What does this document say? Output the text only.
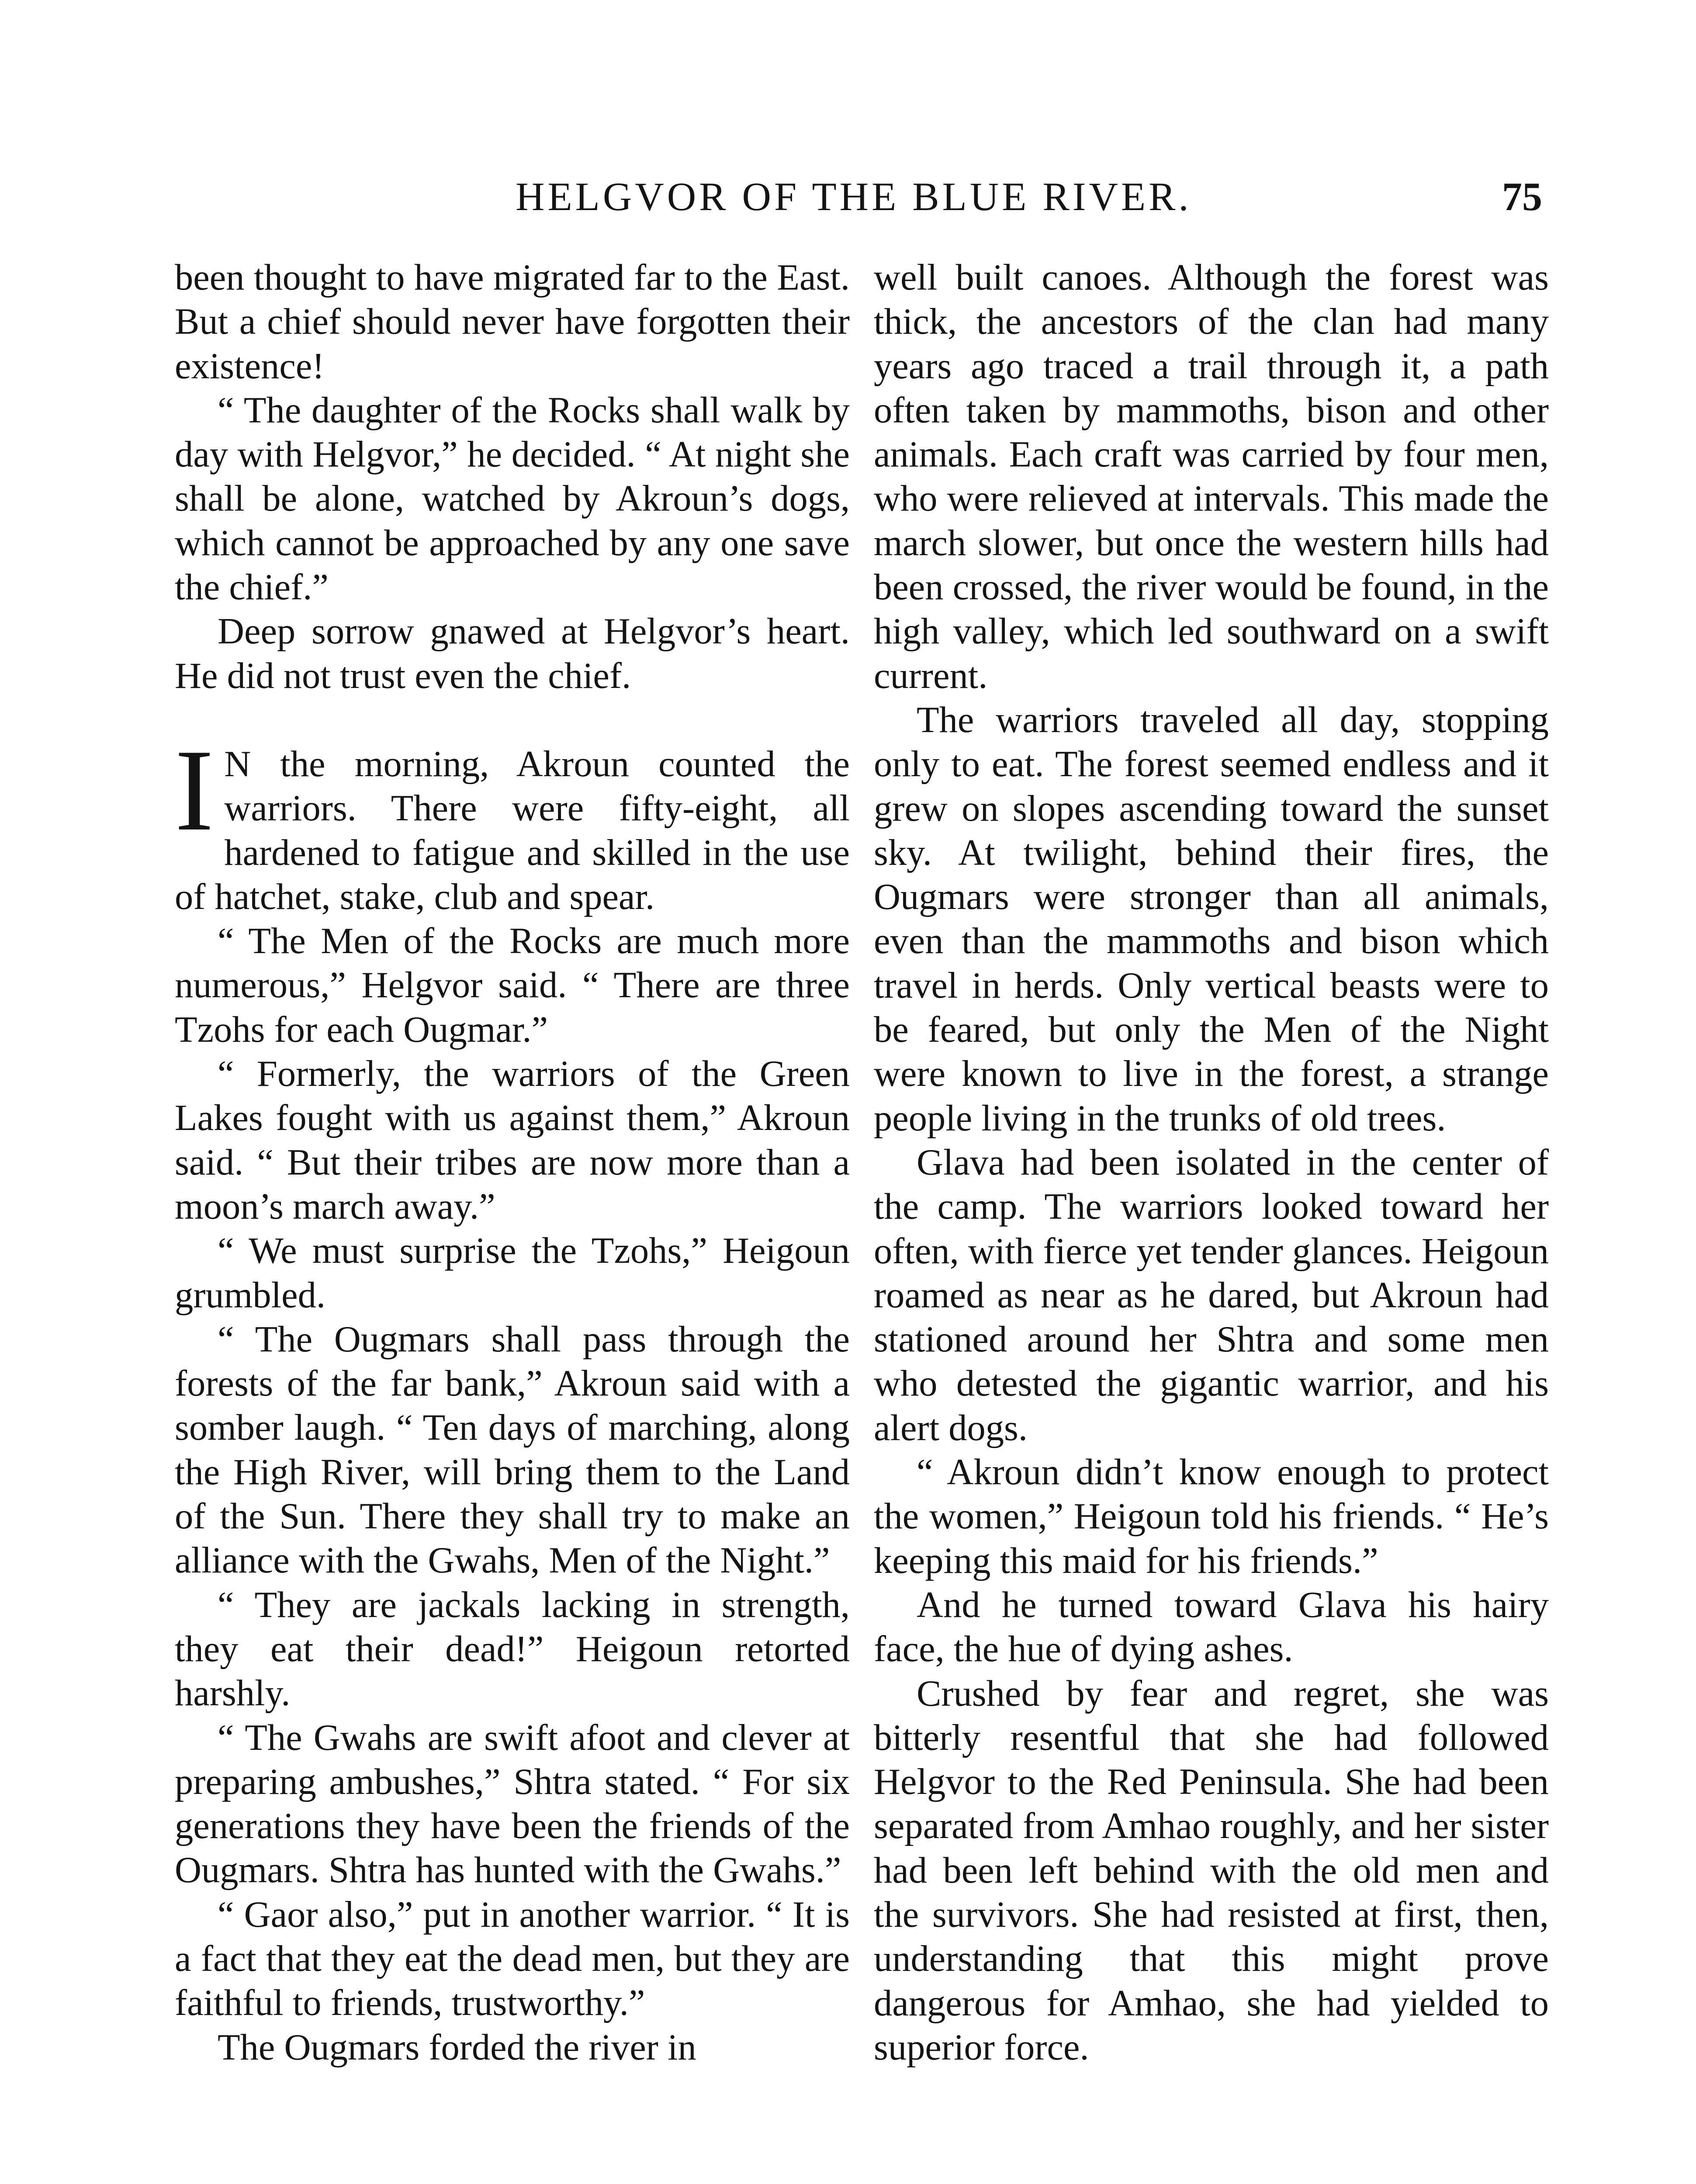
HELGVOR OF THE BLUE RIVER.	75

been thought to have migrated far to the East. But a chief should never have forgotten their existence!

“ The daughter of the Rocks shall walk by day with Helgvor,” he decided. “ At night she shall be alone, watched by Akroun’s dogs, which cannot be approached by any one save the chief.”

Deep sorrow gnawed at Helgvor’s heart. He did not trust even the chief.

I N the morning, Akroun counted the warriors. There were fifty-eight, all hardened to fatigue and skilled in the use of hatchet, stake, club and spear.

“ The Men of the Rocks are much more numerous,” Helgvor said. “ There are three Tzohs for each Ougmar.”

“ Formerly, the warriors of the Green Lakes fought with us against them,” Akroun said. “ But their tribes are now more than a moon’s march away.”

“ We must surprise the Tzohs,” Heigoun grumbled.

“ The Ougmars shall pass through the forests of the far bank,” Akroun said with a somber laugh. “ Ten days of marching, along the High River, will bring them to the Land of the Sun. There they shall try to make an alliance with the Gwahs, Men of the Night.”

“ They are jackals lacking in strength, they eat their dead!” Heigoun retorted harshly.

“ The Gwahs are swift afoot and clever at preparing ambushes,” Shtra stated. “ For six generations they have been the friends of the Ougmars. Shtra has hunted with the Gwahs.”

“ Gaor also,” put in another warrior. “ It is a fact that they eat the dead men, but they are faithful to friends, trustworthy.”

The Ougmars forded the river in

well built canoes. Although the forest was thick, the ancestors of the clan had many years ago traced a trail through it, a path often taken by mammoths, bison and other animals. Each craft was carried by four men, who were relieved at intervals. This made the march slower, but once the western hills had been crossed, the river would be found, in the high valley, which led southward on a swift current.

The warriors traveled all day, stopping only to eat. The forest seemed endless and it grew on slopes ascending toward the sunset sky. At twilight, behind their fires, the Ougmars were stronger than all animals, even than the mammoths and bison which travel in herds. Only vertical beasts were to be feared, but only the Men of the Night were known to live in the forest, a strange people living in the trunks of old trees.

Glava had been isolated in the center of the camp. The warriors looked toward her often, with fierce yet tender glances. Heigoun roamed as near as he dared, but Akroun had stationed around her Shtra and some men who detested the gigantic warrior, and his alert dogs.

“ Akroun didn’t know enough to protect the women,” Heigoun told his friends. “ He’s keeping this maid for his friends.”

And he turned toward Glava his hairy face, the hue of dying ashes.

Crushed by fear and regret, she was bitterly resentful that she had followed Helgvor to the Red Peninsula. She had been separated from Amhao roughly, and her sister had been left behind with the old men and the survivors. She had resisted at first, then, understanding that this might prove dangerous for Amhao, she had yielded to superior force.
